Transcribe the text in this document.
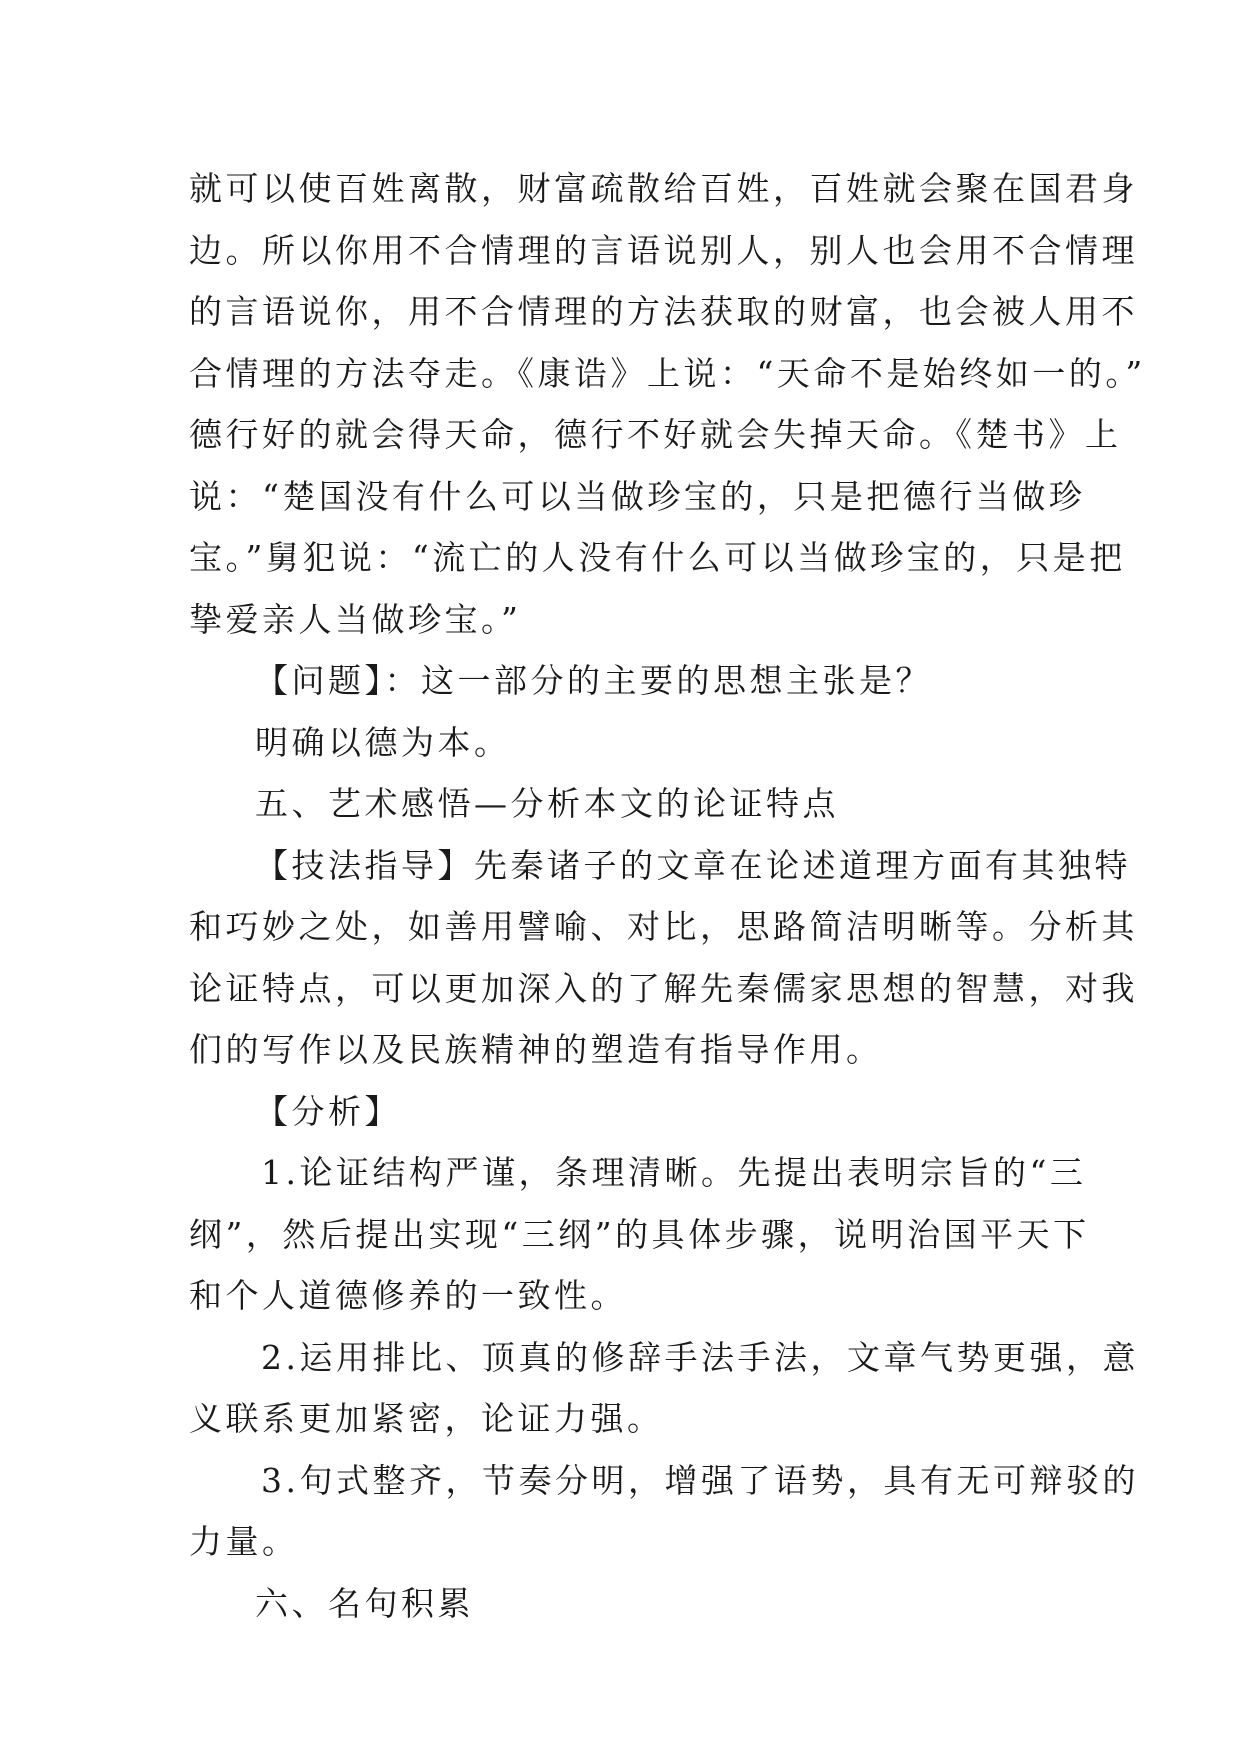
就可以使百姓离散，财富疏散给百姓，百姓就会聚在国君身
边。所以你用不合情理的言语说别人，别人也会用不合情理
的言语说你，用不合情理的方法获取的财富，也会被人用不
合情理的方法夺走。《康诰》上说：“天命不是始终如一的。”
德行好的就会得天命，德行不好就会失掉天命。《楚书》上
说：“楚国没有什么可以当做珍宝的，只是把德行当做珍
宝。”舅犯说：“流亡的人没有什么可以当做珍宝的，只是把
挚爱亲人当做珍宝。”
【问题】：这一部分的主要的思想主张是？
明确以德为本。
五、艺术感悟—分析本文的论证特点
【技法指导】先秦诸子的文章在论述道理方面有其独特
和巧妙之处，如善用譬喻、对比，思路简洁明晰等。分析其
论证特点，可以更加深入的了解先秦儒家思想的智慧，对我
们的写作以及民族精神的塑造有指导作用。
【分析】
1.论证结构严谨，条理清晰。先提出表明宗旨的“三
纲”，然后提出实现“三纲”的具体步骤，说明治国平天下
和个人道德修养的一致性。
2.运用排比、顶真的修辞手法手法，文章气势更强，意
义联系更加紧密，论证力强。
3.句式整齐，节奏分明，增强了语势，具有无可辩驳的
力量。
六、名句积累
